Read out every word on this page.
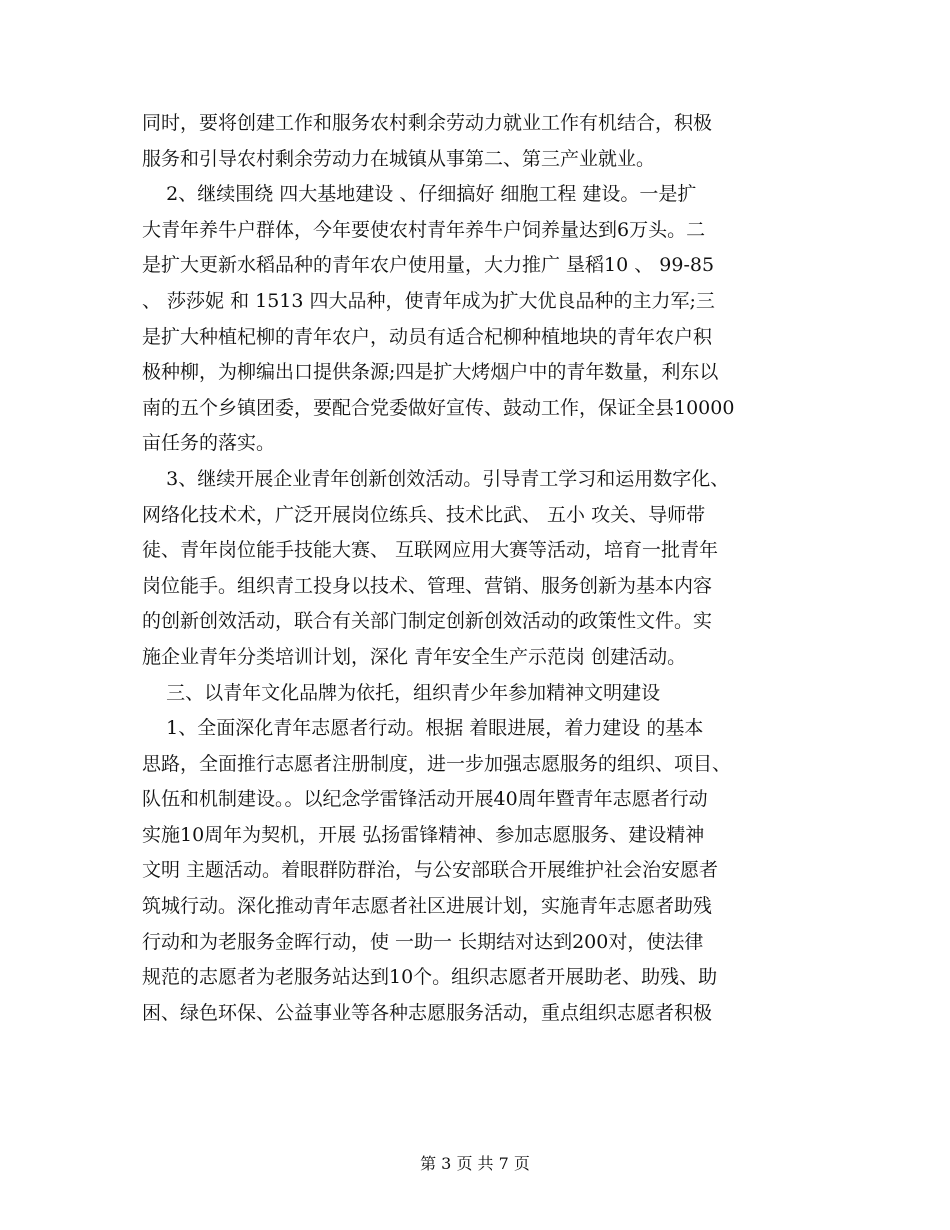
同时，要将创建工作和服务农村剩余劳动力就业工作有机结合，积极
服务和引导农村剩余劳动力在城镇从事第二、第三产业就业。
2、继续围绕 四大基地建设 、仔细搞好 细胞工程 建设。一是扩
大青年养牛户群体，今年要使农村青年养牛户饲养量达到6万头。二
是扩大更新水稻品种的青年农户使用量，大力推广 垦稻10 、 99-85
、 莎莎妮 和 1513 四大品种，使青年成为扩大优良品种的主力军;三
是扩大种植杞柳的青年农户，动员有适合杞柳种植地块的青年农户积
极种柳，为柳编出口提供条源;四是扩大烤烟户中的青年数量，利东以
南的五个乡镇团委，要配合党委做好宣传、鼓动工作，保证全县10000
亩任务的落实。
3、继续开展企业青年创新创效活动。引导青工学习和运用数字化、
网络化技术术，广泛开展岗位练兵、技术比武、 五小 攻关、导师带
徒、青年岗位能手技能大赛、 互联网应用大赛等活动，培育一批青年
岗位能手。组织青工投身以技术、管理、营销、服务创新为基本内容
的创新创效活动，联合有关部门制定创新创效活动的政策性文件。实
施企业青年分类培训计划，深化 青年安全生产示范岗 创建活动。
三、以青年文化品牌为依托，组织青少年参加精神文明建设
1、全面深化青年志愿者行动。根据 着眼进展，着力建设 的基本
思路，全面推行志愿者注册制度，进一步加强志愿服务的组织、项目、
队伍和机制建设。。以纪念学雷锋活动开展40周年暨青年志愿者行动
实施10周年为契机，开展 弘扬雷锋精神、参加志愿服务、建设精神
文明 主题活动。着眼群防群治，与公安部联合开展维护社会治安愿者
筑城行动。深化推动青年志愿者社区进展计划，实施青年志愿者助残
行动和为老服务金晖行动，使 一助一 长期结对达到200对，使法律
规范的志愿者为老服务站达到10个。组织志愿者开展助老、助残、助
困、绿色环保、公益事业等各种志愿服务活动，重点组织志愿者积极
第 3 页 共 7 页
